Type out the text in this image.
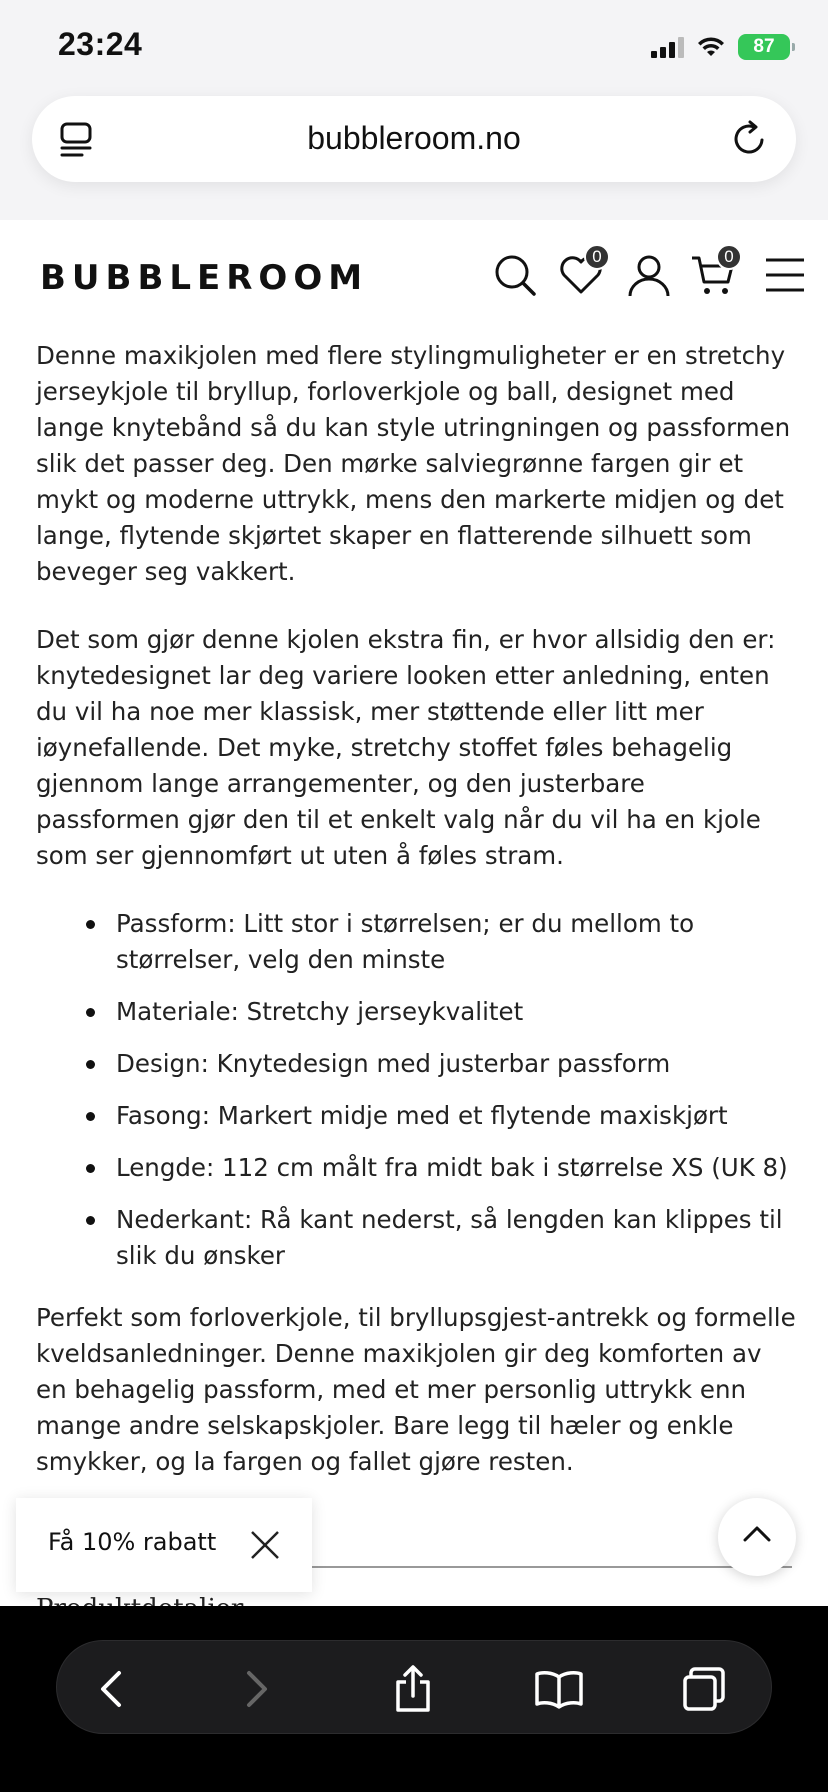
23:24	87
bubbleroom.no
BUBBLEROOM
0	0

Denne maxikjolen med flere stylingmuligheter er en stretchy jerseykjole til bryllup, forloverkjole og ball, designet med lange knytebånd så du kan style utringningen og passformen slik det passer deg. Den mørke salviegrønne fargen gir et mykt og moderne uttrykk, mens den markerte midjen og det lange, flytende skjørtet skaper en flatterende silhuett som beveger seg vakkert.

Det som gjør denne kjolen ekstra fin, er hvor allsidig den er: knytedesignet lar deg variere looken etter anledning, enten du vil ha noe mer klassisk, mer støttende eller litt mer iøynefallende. Det myke, stretchy stoffet føles behagelig gjennom lange arrangementer, og den justerbare passformen gjør den til et enkelt valg når du vil ha en kjole som ser gjennomført ut uten å føles stram.

Passform: Litt stor i størrelsen; er du mellom to størrelser, velg den minste
Materiale: Stretchy jerseykvalitet
Design: Knytedesign med justerbar passform
Fasong: Markert midje med et flytende maxiskjørt
Lengde: 112 cm målt fra midt bak i størrelse XS (UK 8)
Nederkant: Rå kant nederst, så lengden kan klippes til slik du ønsker

Perfekt som forloverkjole, til bryllupsgjest-antrekk og formelle kveldsanledninger. Denne maxikjolen gir deg komforten av en behagelig passform, med et mer personlig uttrykk enn mange andre selskapskjoler. Bare legg til hæler og enkle smykker, og la fargen og fallet gjøre resten.

Få 10% rabatt
